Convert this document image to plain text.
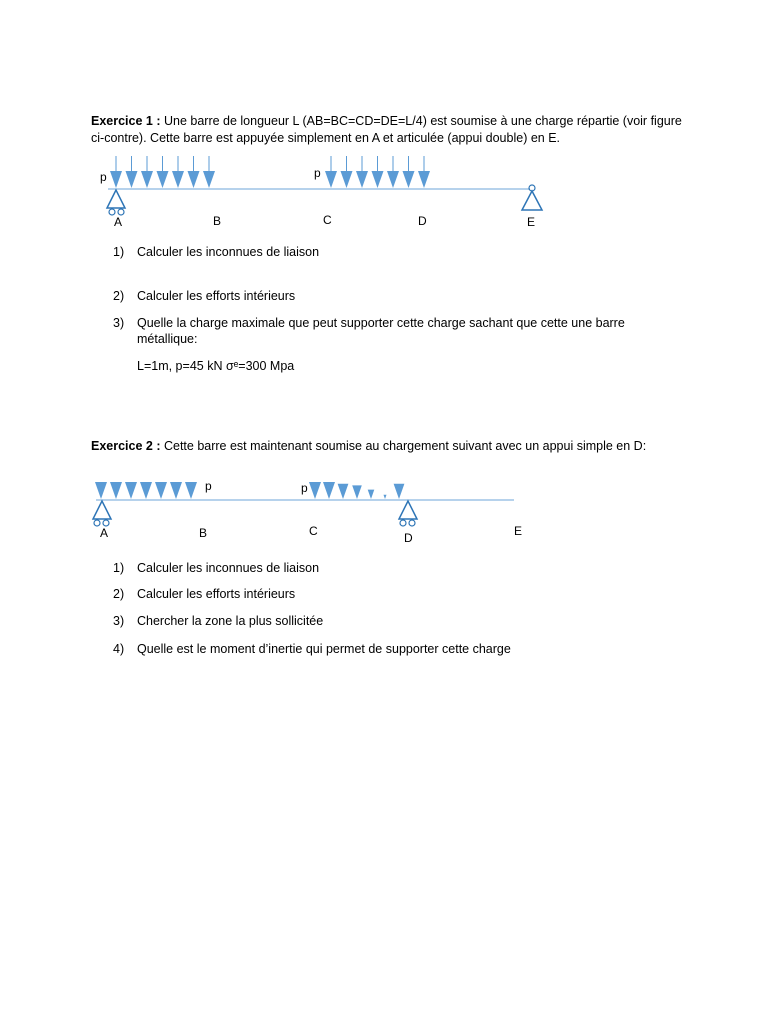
Exercice 1 : Une barre de longueur L (AB=BC=CD=DE=L/4) est soumise à une charge répartie (voir figure ci-contre). Cette barre est appuyée simplement en A et articulée (appui double) en E.
p	p
A	B	C	D	E
1)	Calculer les inconnues de liaison
2)	Calculer les efforts intérieurs
3)	Quelle la charge maximale que peut supporter cette charge sachant que cette une barre métallique:
L=1m, p=45 kN σᵉ=300 Mpa
Exercice 2 : Cette barre est maintenant soumise au chargement suivant avec un appui simple en D:
p	p
A	B	C	D	E
1)	Calculer les inconnues de liaison
2)	Calculer les efforts intérieurs
3)	Chercher la zone la plus sollicitée
4)	Quelle est le moment d’inertie qui permet de supporter cette charge
